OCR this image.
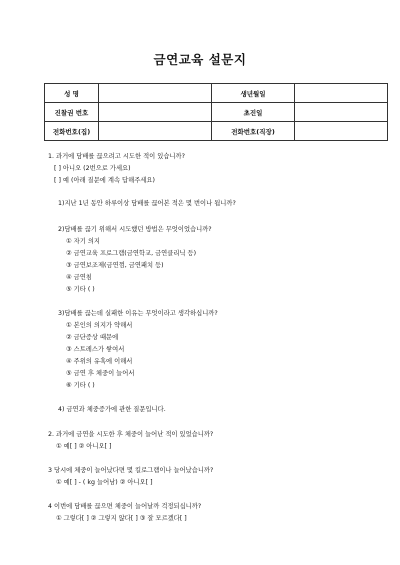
금연교육 설문지
성 명		생년월일	
진찰권 번호		초진일	
전화번호(집)		전화번호(직장)	
1. 과거에 담배를 끊으려고 시도한 적이 있습니까?
[ ] 아니오 (2번으로 가세요)
[ ] 예 (아래 질문에 계속 답해주세요)
1)지난 1년 동안 하루이상 담배를 끊어본 적은 몇 번이나 됩니까?
2)담배를 끊기 위해서 시도했던 방법은 무엇이었습니까?
① 자기 의지
② 금연교육 프로그램(금연학교, 금연클리닉 등)
③ 금연보조제(금연껌, 금연패치 등)
④ 금연침
⑤ 기타 ( )
3)담배를 끊는데 실패한 이유는 무엇이라고 생각하십니까?
① 본인의 의지가 약해서
② 금단증상 때문에
③ 스트레스가 쌓여서
④ 주위의 유혹에 이해서
⑤ 금연 후 체중이 늘어서
⑥ 기타 ( )
4) 금연과 체중증가에 관한 질문입니다.
2. 과거에 금연을 시도한 후 체중이 늘어난 적이 있었습니까?
① 예[ ] ② 아니오[ ]
3 당시에 체중이 늘어났다면 몇 킬로그램이나 늘어났습니까?
① 예[ ] - ( kg 늘어남) ② 아니오[ ]
4 이번에 담배를 끊으면 체중이 늘어날까 걱정되십니까?
① 그렇다[ ] ② 그렇지 않다[ ] ③ 잘 모르겠다[ ]
